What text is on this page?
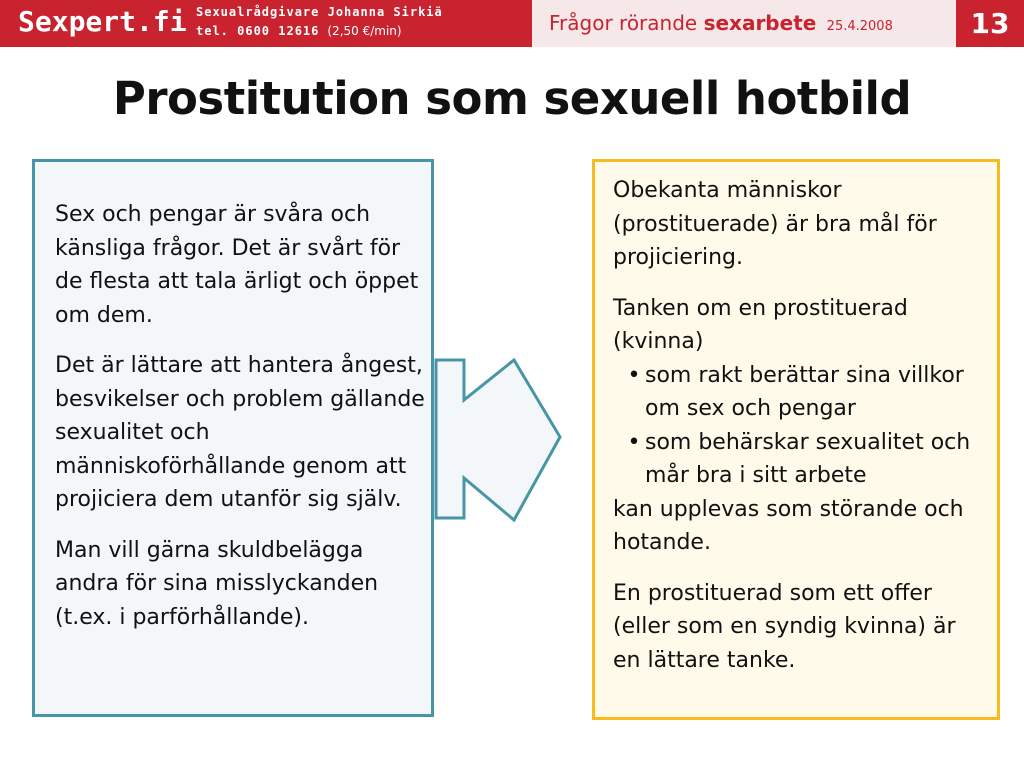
Sexpert.fi Sexualrådgivare Johanna Sirkiä
tel. 0600 12616 (2,50 €/min)	Frågor rörande sexarbete 25.4.2008	13
Prostitution som sexuell hotbild

Sex och pengar är svåra och känsliga frågor. Det är svårt för de flesta att tala ärligt och öppet om dem.

Det är lättare att hantera ångest, besvikelser och problem gällande sexualitet och människoförhållande genom att projiciera dem utanför sig själv.

Man vill gärna skuldbelägga andra för sina misslyckanden (t.ex. i parförhållande).

Obekanta människor (prostituerade) är bra mål för projiciering.

Tanken om en prostituerad (kvinna)
• som rakt berättar sina villkor om sex och pengar
• som behärskar sexualitet och mår bra i sitt arbete
kan upplevas som störande och hotande.

En prostituerad som ett offer (eller som en syndig kvinna) är en lättare tanke.
